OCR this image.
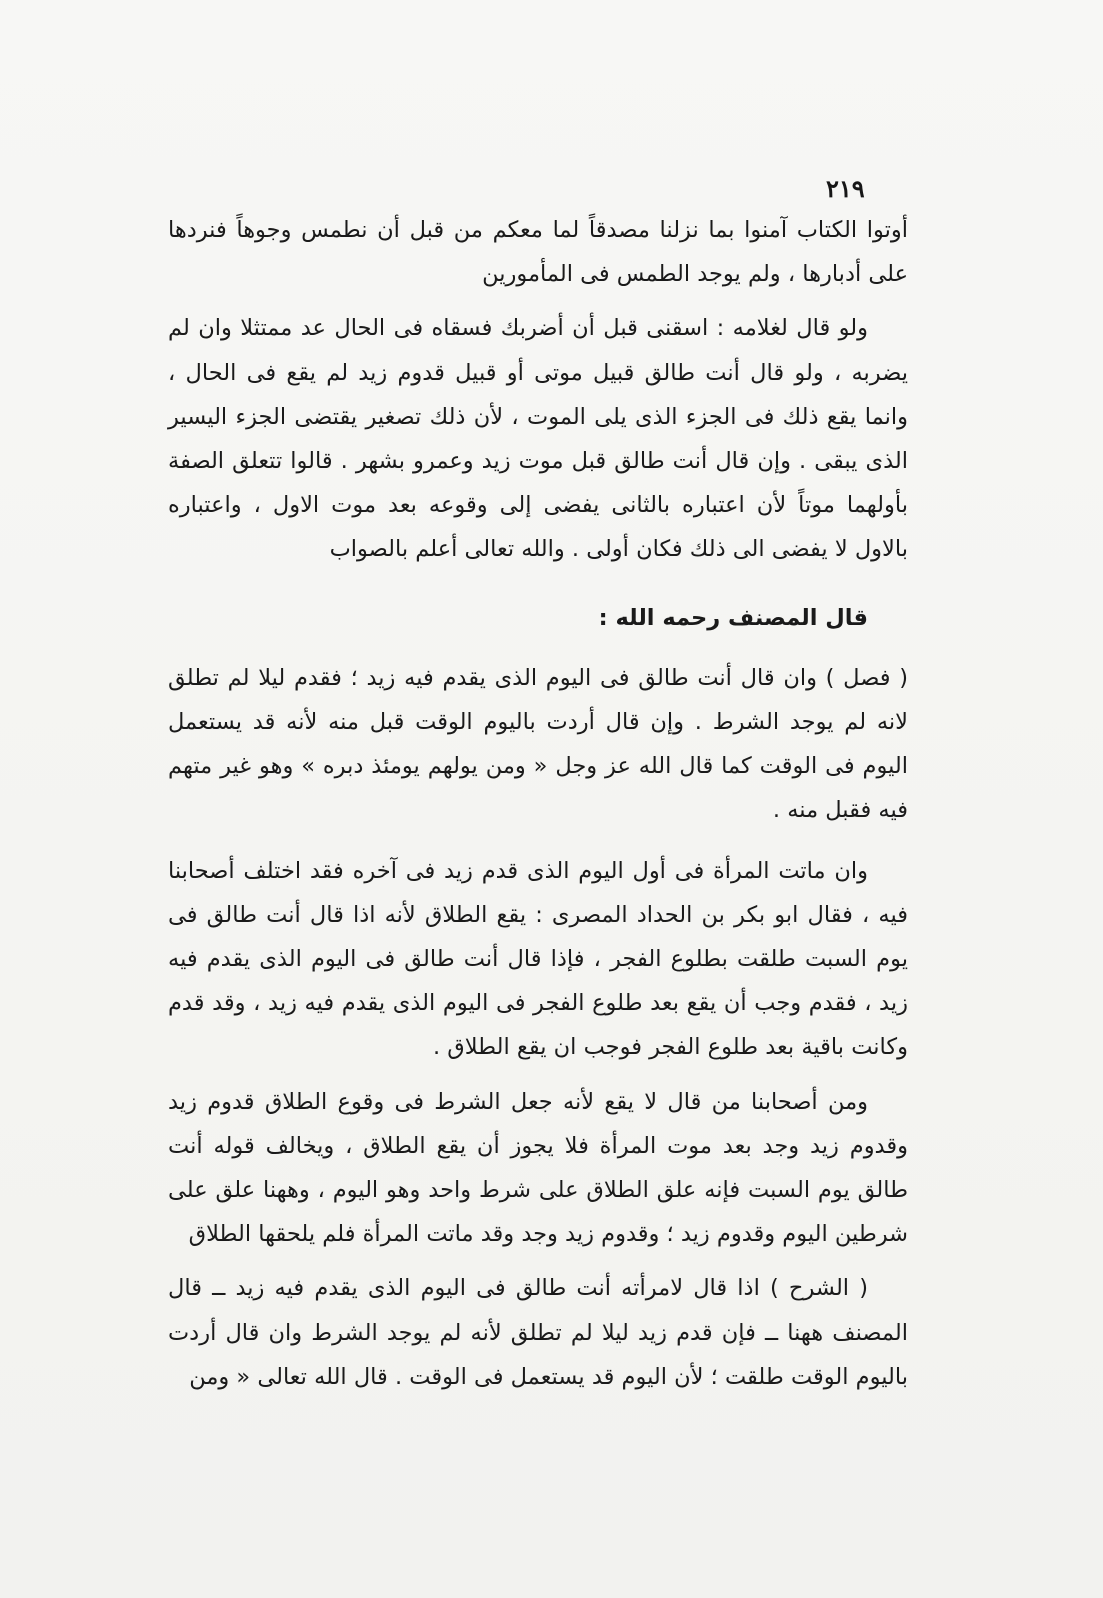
٢١٩

أوتوا الكتاب آمنوا بما نزلنا مصدقاً لما معكم من قبل أن نطمس وجوهاً فنردها على أدبارها ، ولم يوجد الطمس فى المأمورين

ولو قال لغلامه : اسقنى قبل أن أضربك فسقاه فى الحال عد ممتثلا وان لم يضربه ، ولو قال أنت طالق قبيل موتى أو قبيل قدوم زيد لم يقع فى الحال ، وانما يقع ذلك فى الجزء الذى يلى الموت ، لأن ذلك تصغير يقتضى الجزء اليسير الذى يبقى . وإن قال أنت طالق قبل موت زيد وعمرو بشهر . قالوا تتعلق الصفة بأولهما موتاً لأن اعتباره بالثانى يفضى إلى وقوعه بعد موت الاول ، واعتباره بالاول لا يفضى الى ذلك فكان أولى . والله تعالى أعلم بالصواب

قال المصنف رحمه الله :

( فصل ) وان قال أنت طالق فى اليوم الذى يقدم فيه زيد ؛ فقدم ليلا لم تطلق لانه لم يوجد الشرط . وإن قال أردت باليوم الوقت قبل منه لأنه قد يستعمل اليوم فى الوقت كما قال الله عز وجل « ومن يولهم يومئذ دبره » وهو غير متهم فيه فقبل منه .

وان ماتت المرأة فى أول اليوم الذى قدم زيد فى آخره فقد اختلف أصحابنا فيه ، فقال ابو بكر بن الحداد المصرى : يقع الطلاق لأنه اذا قال أنت طالق فى يوم السبت طلقت بطلوع الفجر ، فإذا قال أنت طالق فى اليوم الذى يقدم فيه زيد ، فقدم وجب أن يقع بعد طلوع الفجر فى اليوم الذى يقدم فيه زيد ، وقد قدم وكانت باقية بعد طلوع الفجر فوجب ان يقع الطلاق .

ومن أصحابنا من قال لا يقع لأنه جعل الشرط فى وقوع الطلاق قدوم زيد وقدوم زيد وجد بعد موت المرأة فلا يجوز أن يقع الطلاق ، ويخالف قوله أنت طالق يوم السبت فإنه علق الطلاق على شرط واحد وهو اليوم ، وههنا علق على شرطين اليوم وقدوم زيد ؛ وقدوم زيد وجد وقد ماتت المرأة فلم يلحقها الطلاق

( الشرح ) اذا قال لامرأته أنت طالق فى اليوم الذى يقدم فيه زيد ــ قال المصنف ههنا ــ فإن قدم زيد ليلا لم تطلق لأنه لم يوجد الشرط وان قال أردت باليوم الوقت طلقت ؛ لأن اليوم قد يستعمل فى الوقت . قال الله تعالى « ومن
